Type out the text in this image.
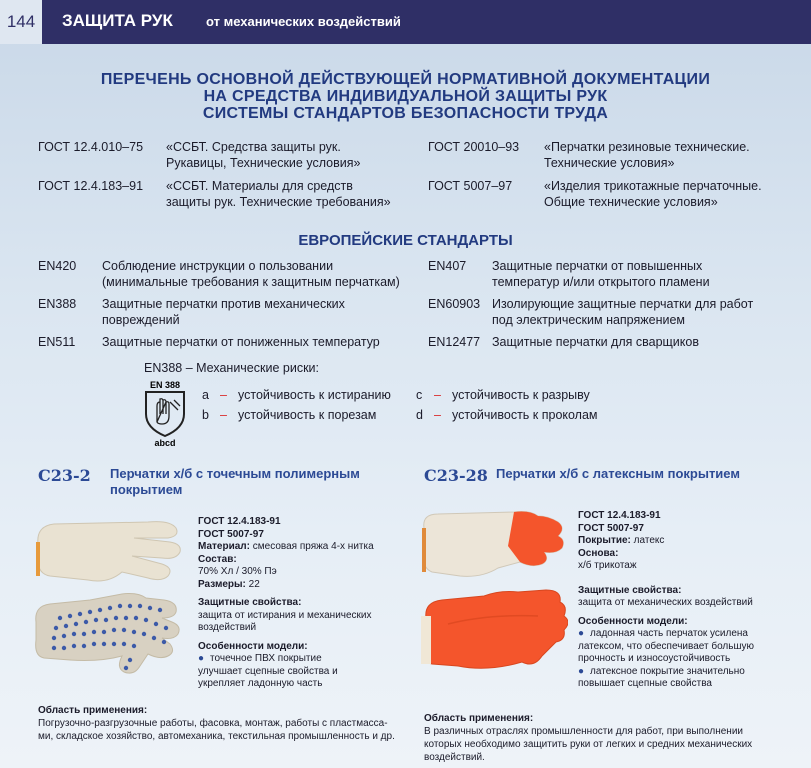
144	ЗАЩИТА РУК	от механических воздействий
ПЕРЕЧЕНЬ ОСНОВНОЙ ДЕЙСТВУЮЩЕЙ НОРМАТИВНОЙ ДОКУМЕНТАЦИИ
НА СРЕДСТВА ИНДИВИДУАЛЬНОЙ ЗАЩИТЫ РУК
СИСТЕМЫ СТАНДАРТОВ БЕЗОПАСНОСТИ ТРУДА
ГОСТ 12.4.010–75 «ССБТ. Средства защиты рук.
Рукавицы, Технические условия»
ГОСТ 12.4.183–91 «ССБТ. Материалы для средств
защиты рук. Технические требования»
ГОСТ 20010–93 «Перчатки резиновые технические.
Технические условия»
ГОСТ 5007–97	«Изделия трикотажные перчаточные.
Общие технические условия»
ЕВРОПЕЙСКИЕ СТАНДАРТЫ
EN420 Соблюдение инструкции о пользовании
(минимальные требования к защитным перчаткам)
EN388 Защитные перчатки против механических
повреждений
EN511 Защитные перчатки от пониженных температур
EN407 Защитные перчатки от повышенных
температур и/или открытого пламени
EN60903 Изолирующие защитные перчатки для работ
под электрическим напряжением
EN12477 Защитные перчатки для сварщиков
EN388 – Механические риски:
EN 388
abcd
a – устойчивость к истиранию
b – устойчивость к порезам
c – устойчивость к разрыву
d – устойчивость к проколам
C23-2 Перчатки х/б с точечным полимерным
покрытием
ГОСТ 12.4.183-91
ГОСТ 5007-97
Материал: смесовая пряжа 4-х нитка
Состав:
70% Хл / 30% Пэ
Размеры: 22
Защитные свойства:
защита от истирания и механических
воздействий
Особенности модели:
● точечное ПВХ покрытие
улучшает сцепные свойства и
укрепляет ладонную часть
Область применения:
Погрузочно-разгрузочные работы, фасовка, монтаж, работы с пластмасса-
ми, складское хозяйство, автомеханика, текстильная промышленность и др.
C23-28 Перчатки х/б с латексным покрытием
ГОСТ 12.4.183-91
ГОСТ 5007-97
Покрытие: латекс
Основа:
х/б трикотаж
Защитные свойства:
защита от механических воздействий
Особенности модели:
● ладонная часть перчаток усилена
латексом, что обеспечивает большую
прочность и износоустойчивость
● латексное покрытие значительно
повышает сцепные свойства
Область применения:
В различных отраслях промышленности для работ, при выполнении
которых необходимо защитить руки от легких и средних механических
воздействий.
